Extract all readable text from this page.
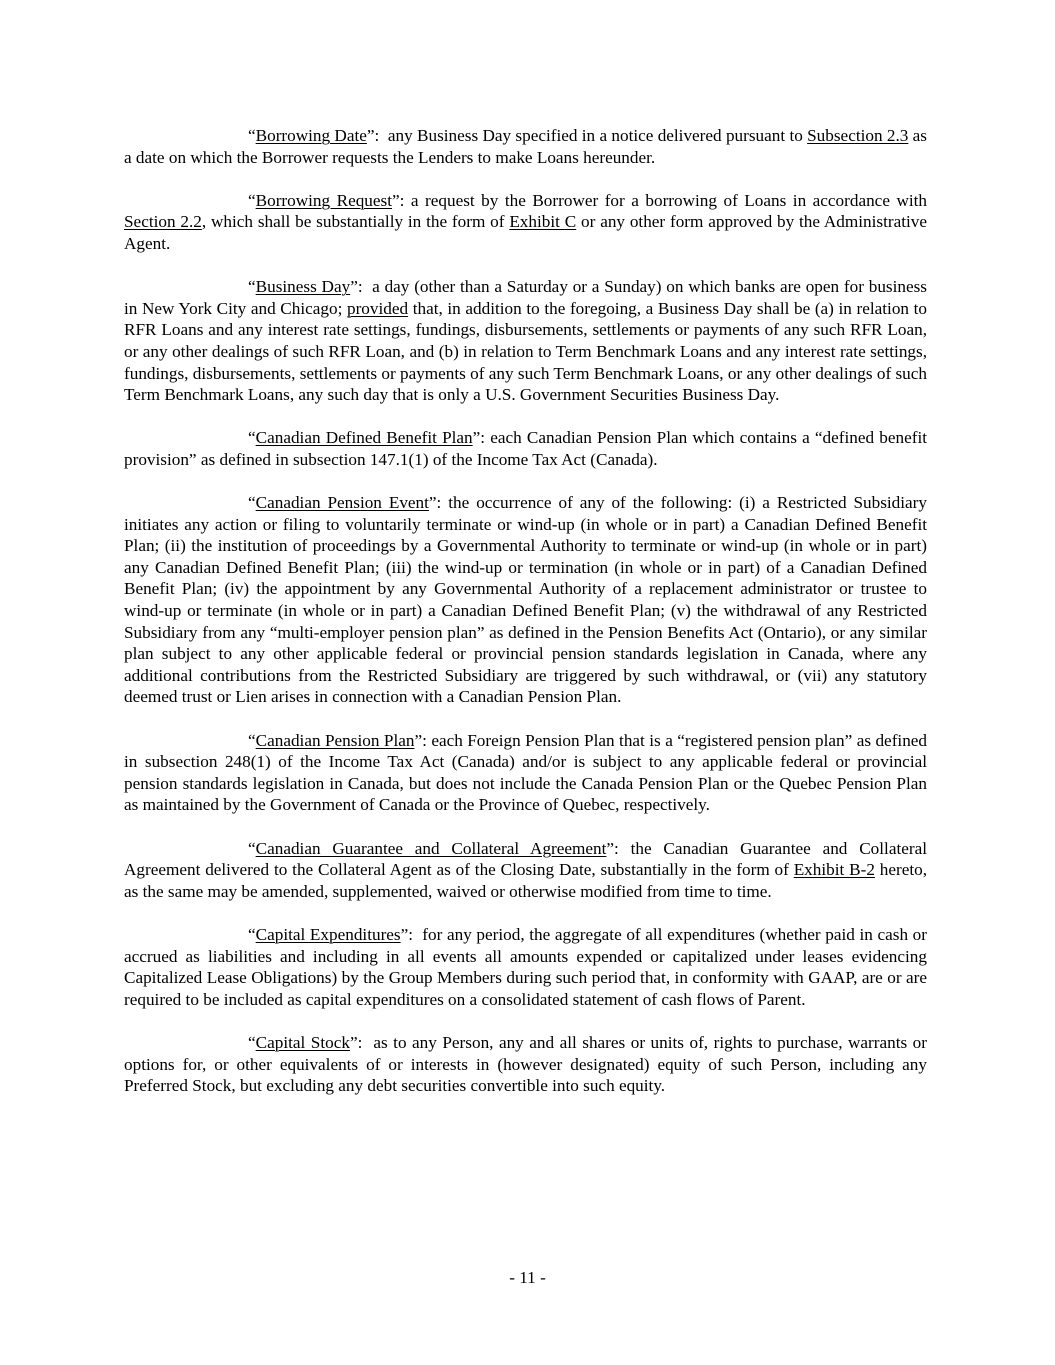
“Borrowing Date”:  any Business Day specified in a notice delivered pursuant to Subsection 2.3 as a date on which the Borrower requests the Lenders to make Loans hereunder.

“Borrowing Request”: a request by the Borrower for a borrowing of Loans in accordance with Section 2.2, which shall be substantially in the form of Exhibit C or any other form approved by the Administrative Agent.

“Business Day”:  a day (other than a Saturday or a Sunday) on which banks are open for business in New York City and Chicago; provided that, in addition to the foregoing, a Business Day shall be (a) in relation to RFR Loans and any interest rate settings, fundings, disbursements, settlements or payments of any such RFR Loan, or any other dealings of such RFR Loan, and (b) in relation to Term Benchmark Loans and any interest rate settings, fundings, disbursements, settlements or payments of any such Term Benchmark Loans, or any other dealings of such Term Benchmark Loans, any such day that is only a U.S. Government Securities Business Day.

“Canadian Defined Benefit Plan”: each Canadian Pension Plan which contains a “defined benefit provision” as defined in subsection 147.1(1) of the Income Tax Act (Canada).

“Canadian Pension Event”: the occurrence of any of the following: (i) a Restricted Subsidiary initiates any action or filing to voluntarily terminate or wind-up (in whole or in part) a Canadian Defined Benefit Plan; (ii) the institution of proceedings by a Governmental Authority to terminate or wind-up (in whole or in part) any Canadian Defined Benefit Plan; (iii) the wind-up or termination (in whole or in part) of a Canadian Defined Benefit Plan; (iv) the appointment by any Governmental Authority of a replacement administrator or trustee to wind-up or terminate (in whole or in part) a Canadian Defined Benefit Plan; (v) the withdrawal of any Restricted Subsidiary from any “multi-employer pension plan” as defined in the Pension Benefits Act (Ontario), or any similar plan subject to any other applicable federal or provincial pension standards legislation in Canada, where any additional contributions from the Restricted Subsidiary are triggered by such withdrawal, or (vii) any statutory deemed trust or Lien arises in connection with a Canadian Pension Plan.

“Canadian Pension Plan”: each Foreign Pension Plan that is a “registered pension plan” as defined in subsection 248(1) of the Income Tax Act (Canada) and/or is subject to any applicable federal or provincial pension standards legislation in Canada, but does not include the Canada Pension Plan or the Quebec Pension Plan as maintained by the Government of Canada or the Province of Quebec, respectively.

“Canadian Guarantee and Collateral Agreement”: the Canadian Guarantee and Collateral Agreement delivered to the Collateral Agent as of the Closing Date, substantially in the form of Exhibit B-2 hereto, as the same may be amended, supplemented, waived or otherwise modified from time to time.

“Capital Expenditures”:  for any period, the aggregate of all expenditures (whether paid in cash or accrued as liabilities and including in all events all amounts expended or capitalized under leases evidencing Capitalized Lease Obligations) by the Group Members during such period that, in conformity with GAAP, are or are required to be included as capital expenditures on a consolidated statement of cash flows of Parent.

“Capital Stock”:  as to any Person, any and all shares or units of, rights to purchase, warrants or options for, or other equivalents of or interests in (however designated) equity of such Person, including any Preferred Stock, but excluding any debt securities convertible into such equity.

- 11 -
